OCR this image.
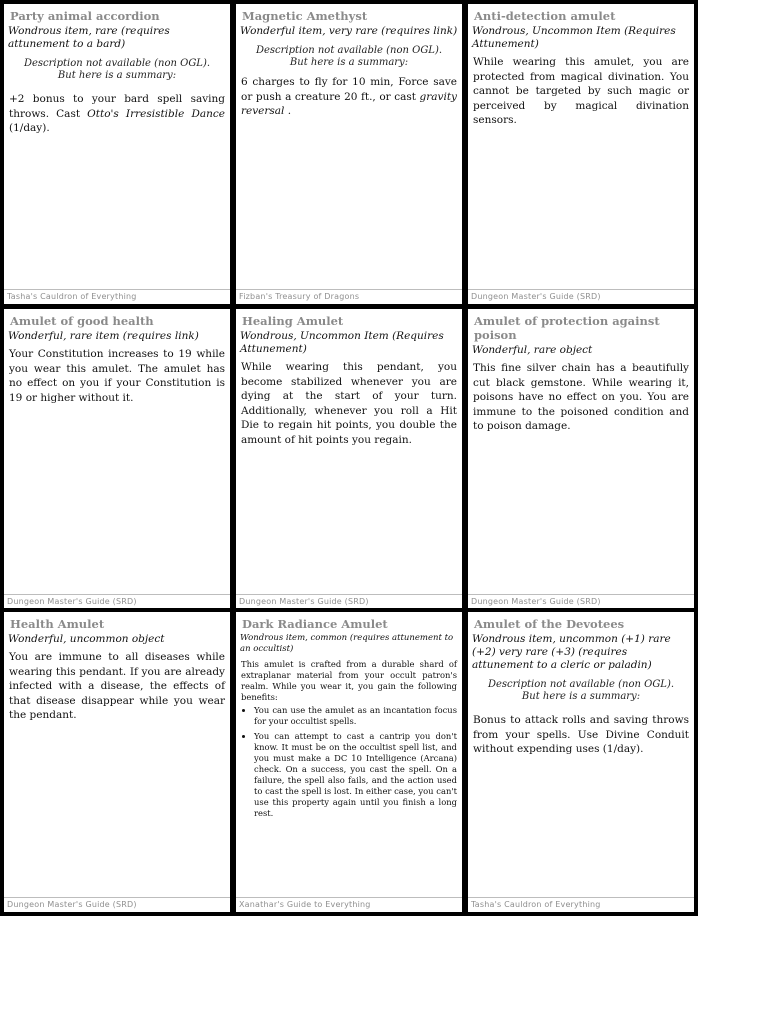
Party animal accordion
Wondrous item, rare (requires attunement to a bard)
Description not available (non OGL).
But here is a summary:
+2 bonus to your bard spell saving throws. Cast Otto's Irresistible Dance (1/day).
Tasha's Cauldron of Everything
Magnetic Amethyst
Wonderful item, very rare (requires link)
Description not available (non OGL).
But here is a summary:
6 charges to fly for 10 min, Force save or push a creature 20 ft., or cast gravity reversal .
Fizban's Treasury of Dragons
Anti-detection amulet
Wondrous, Uncommon Item (Requires Attunement)
While wearing this amulet, you are protected from magical divination. You cannot be targeted by such magic or perceived by magical divination sensors.
Dungeon Master's Guide (SRD)
Amulet of good health
Wonderful, rare item (requires link)
Your Constitution increases to 19 while you wear this amulet. The amulet has no effect on you if your Constitution is 19 or higher without it.
Dungeon Master's Guide (SRD)
Healing Amulet
Wondrous, Uncommon Item (Requires Attunement)
While wearing this pendant, you become stabilized whenever you are dying at the start of your turn. Additionally, whenever you roll a Hit Die to regain hit points, you double the amount of hit points you regain.
Dungeon Master's Guide (SRD)
Amulet of protection against poison
Wonderful, rare object
This fine silver chain has a beautifully cut black gemstone. While wearing it, poisons have no effect on you. You are immune to the poisoned condition and to poison damage.
Dungeon Master's Guide (SRD)
Health Amulet
Wonderful, uncommon object
You are immune to all diseases while wearing this pendant. If you are already infected with a disease, the effects of that disease disappear while you wear the pendant.
Dungeon Master's Guide (SRD)
Dark Radiance Amulet
Wondrous item, common (requires attunement to an occultist)
This amulet is crafted from a durable shard of extraplanar material from your occult patron's realm. While you wear it, you gain the following benefits:
• You can use the amulet as an incantation focus for your occultist spells.
• You can attempt to cast a cantrip you don't know. It must be on the occultist spell list, and you must make a DC 10 Intelligence (Arcana) check. On a success, you cast the spell. On a failure, the spell also fails, and the action used to cast the spell is lost. In either case, you can't use this property again until you finish a long rest.
Xanathar's Guide to Everything
Amulet of the Devotees
Wondrous item, uncommon (+1) rare (+2) very rare (+3) (requires attunement to a cleric or paladin)
Description not available (non OGL).
But here is a summary:
Bonus to attack rolls and saving throws from your spells. Use Divine Conduit without expending uses (1/day).
Tasha's Cauldron of Everything
